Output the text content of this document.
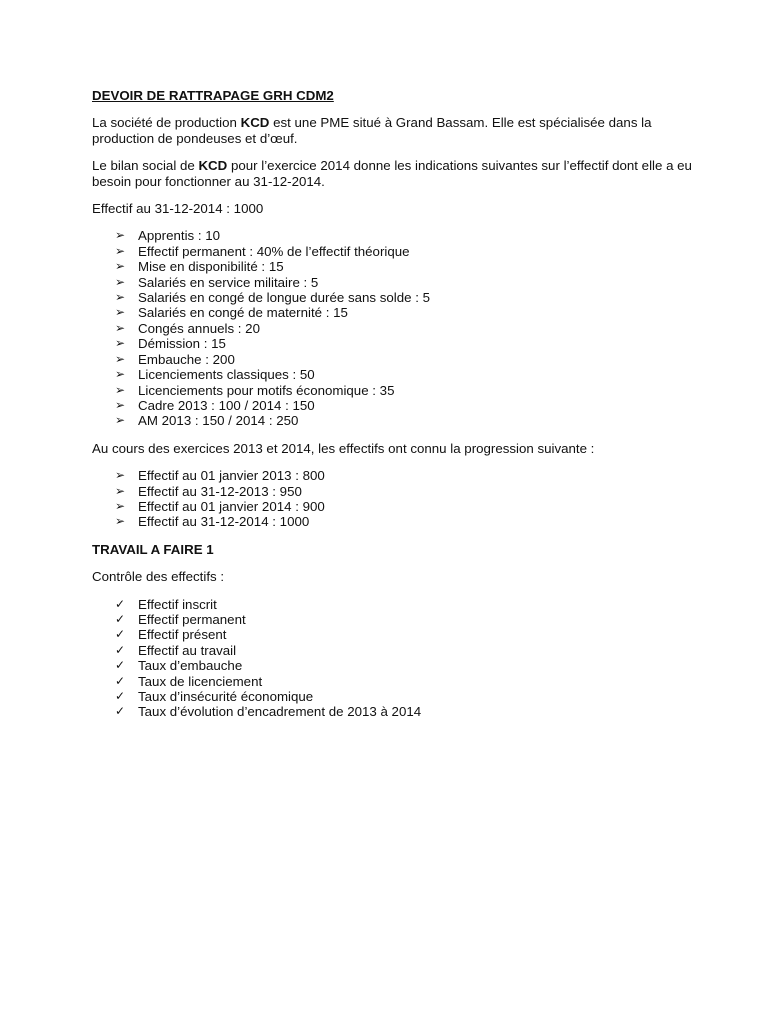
DEVOIR DE RATTRAPAGE GRH CDM2

La société de production KCD est une PME situé à Grand Bassam. Elle est spécialisée dans la production de pondeuses et d’œuf.

Le bilan social de KCD pour l’exercice 2014 donne les indications suivantes sur l’effectif dont elle a eu besoin pour fonctionner au 31-12-2014.

Effectif au 31-12-2014 : 1000

➢ Apprentis : 10
➢ Effectif permanent : 40% de l’effectif théorique
➢ Mise en disponibilité : 15
➢ Salariés en service militaire : 5
➢ Salariés en congé de longue durée sans solde : 5
➢ Salariés en congé de maternité : 15
➢ Congés annuels : 20
➢ Démission : 15
➢ Embauche : 200
➢ Licenciements classiques : 50
➢ Licenciements pour motifs économique : 35
➢ Cadre 2013 : 100 / 2014 : 150
➢ AM 2013 : 150 / 2014 : 250

Au cours des exercices 2013 et 2014, les effectifs ont connu la progression suivante :

➢ Effectif au 01 janvier 2013 : 800
➢ Effectif au 31-12-2013 : 950
➢ Effectif au 01 janvier 2014 : 900
➢ Effectif au 31-12-2014 : 1000
TRAVAIL A FAIRE 1

Contrôle des effectifs :

✓ Effectif inscrit
✓ Effectif permanent
✓ Effectif présent
✓ Effectif au travail
✓ Taux d’embauche
✓ Taux de licenciement
✓ Taux d’insécurité économique
✓ Taux d’évolution d’encadrement de 2013 à 2014
